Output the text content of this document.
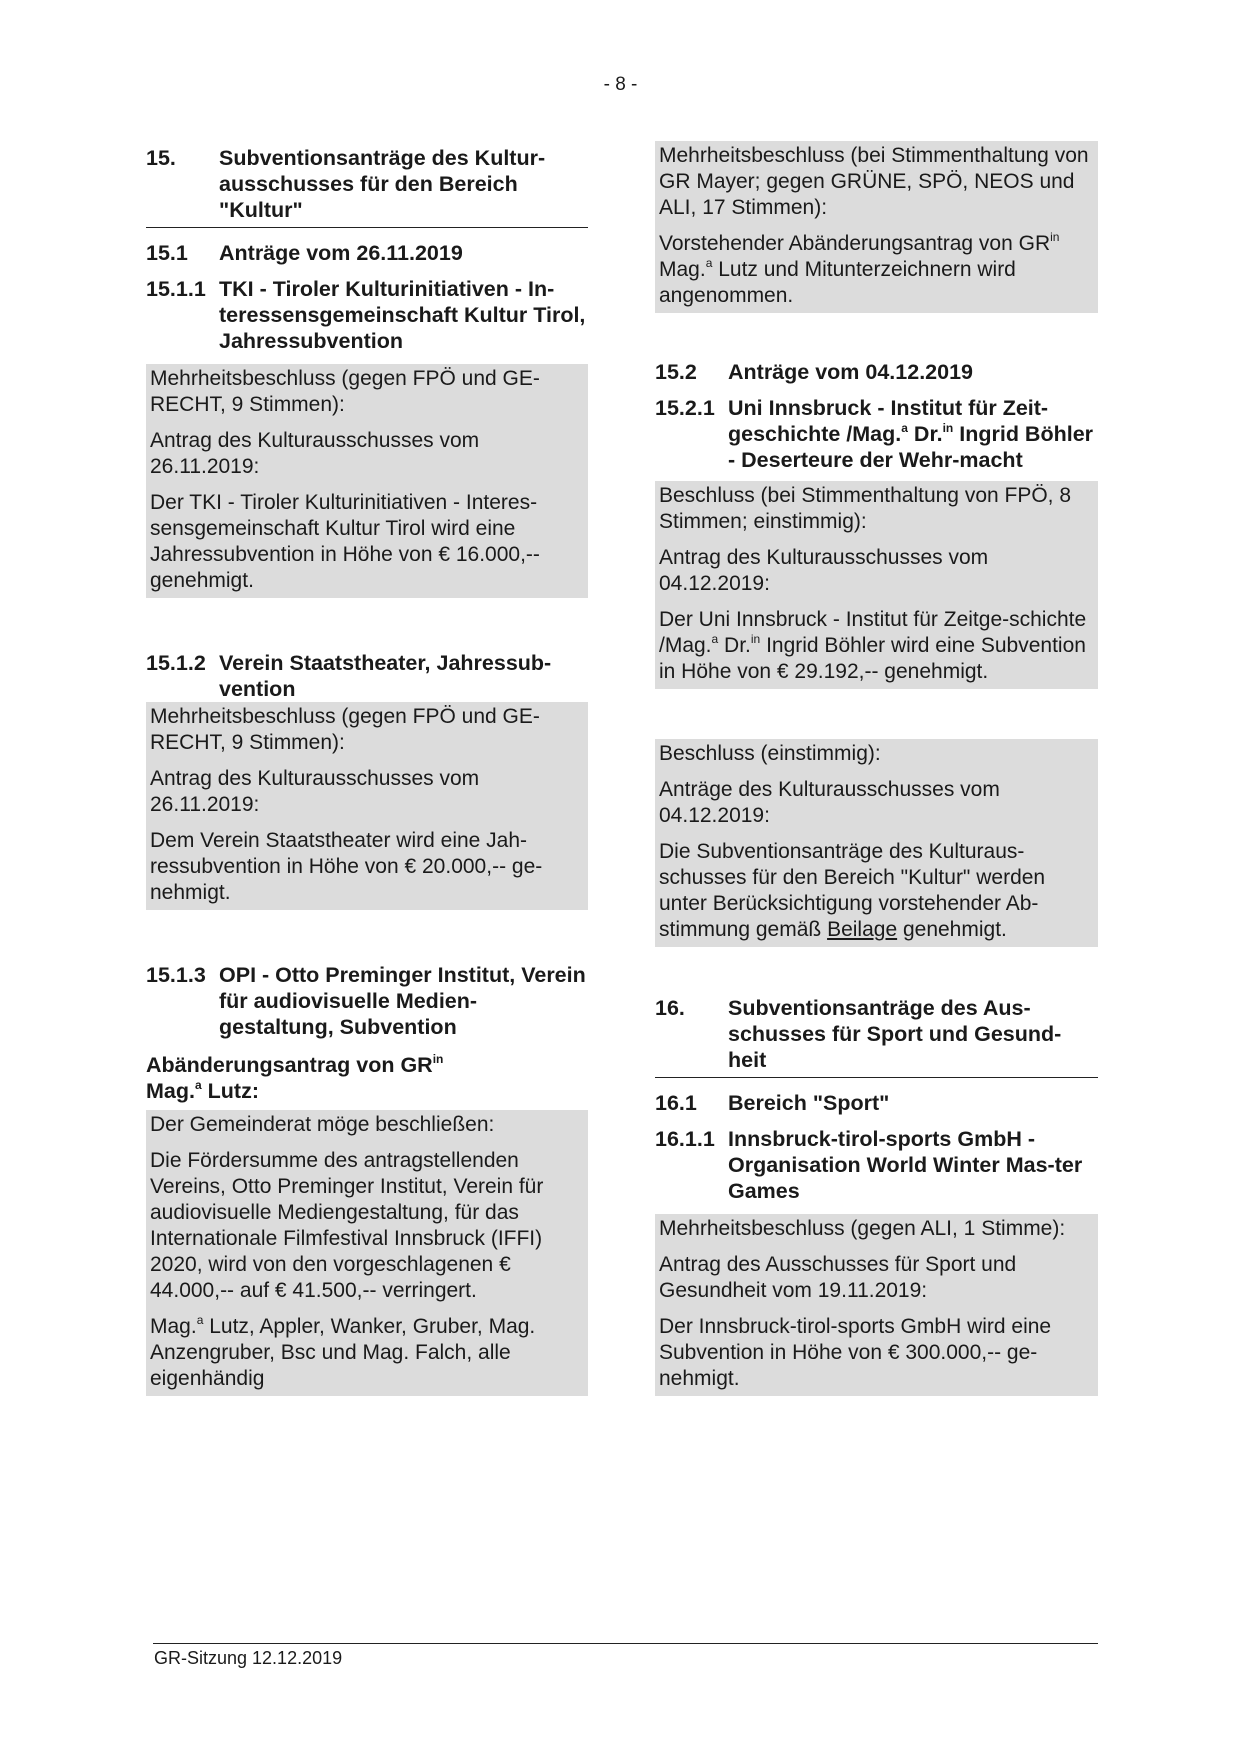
- 8 -
15.	Subventionsanträge des Kultur-ausschusses für den Bereich "Kultur"
15.1	Anträge vom 26.11.2019
15.1.1 TKI - Tiroler Kulturinitiativen - In-teressensgemeinschaft Kultur Tirol, Jahressubvention

Mehrheitsbeschluss (gegen FPÖ und GE-RECHT, 9 Stimmen):

Antrag des Kulturausschusses vom 26.11.2019:

Der TKI - Tiroler Kulturinitiativen - Interes-sensgemeinschaft Kultur Tirol wird eine Jahressubvention in Höhe von € 16.000,-- genehmigt.

15.1.2 Verein Staatstheater, Jahressub-vention

Mehrheitsbeschluss (gegen FPÖ und GE-RECHT, 9 Stimmen):

Antrag des Kulturausschusses vom 26.11.2019:

Dem Verein Staatstheater wird eine Jah-ressubvention in Höhe von € 20.000,-- ge-nehmigt.

15.1.3 OPI - Otto Preminger Institut, Verein für audiovisuelle Medien-gestaltung, Subvention
Abänderungsantrag von $GR^{in}$
Mag.$^a$ Lutz:

Der Gemeinderat möge beschließen:

Die Fördersumme des antragstellenden Vereins, Otto Preminger Institut, Verein für audiovisuelle Mediengestaltung, für das Internationale Filmfestival Innsbruck (IFFI) 2020, wird von den vorgeschlagenen € 44.000,-- auf € 41.500,-- verringert.

Mag.$^a$ Lutz, Appler, Wanker, Gruber, Mag. Anzengruber, Bsc und Mag. Falch, alle eigenhändig

Mehrheitsbeschluss (bei Stimmenthaltung von GR Mayer; gegen GRÜNE, SPÖ, NEOS und ALI, 17 Stimmen):

Vorstehender Abänderungsantrag von $GR^{in}$ Mag.$^a$ Lutz und Mitunterzeichnern wird angenommen.

15.2	Anträge vom 04.12.2019
15.2.1 Uni Innsbruck - Institut für Zeit-geschichte /Mag.$^a$ Dr.$^{in}$ Ingrid Böhler - Deserteure der Wehr-macht

Beschluss (bei Stimmenthaltung von FPÖ, 8 Stimmen; einstimmig):

Antrag des Kulturausschusses vom 04.12.2019:

Der Uni Innsbruck - Institut für Zeitge-schichte /Mag.$^a$ Dr.$^{in}$ Ingrid Böhler wird eine Subvention in Höhe von € 29.192,-- genehmigt.

Beschluss (einstimmig):

Anträge des Kulturausschusses vom 04.12.2019:

Die Subventionsanträge des Kulturaus-schusses für den Bereich "Kultur" werden unter Berücksichtigung vorstehender Ab-stimmung gemäß Beilage genehmigt.

16.	Subventionsanträge des Aus-schusses für Sport und Gesund-heit
16.1	Bereich "Sport"
16.1.1 Innsbruck-tirol-sports GmbH - Organisation World Winter Mas-ter Games

Mehrheitsbeschluss (gegen ALI, 1 Stimme):

Antrag des Ausschusses für Sport und Gesundheit vom 19.11.2019:

Der Innsbruck-tirol-sports GmbH wird eine Subvention in Höhe von € 300.000,-- ge-nehmigt.

GR-Sitzung 12.12.2019
